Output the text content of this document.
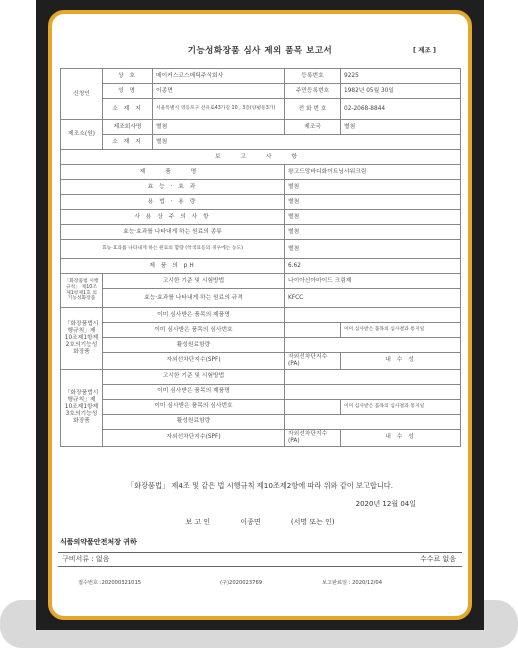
기능성화장품 심사 제외 품목 보고서	[ 제조 ]
신청인	상 호	메이커스코스메틱주식회사	등록번호	9225
	성 명	이종면	주민등록번호	1982년 05월 30일
	소 재 지	서울특별시 영등포구 선유로43가길 10 , 3층(양평동3가)	전 화 번 호	02-2068-8844
제조소(원)	제조회사명	별첨	제조국	별첨
	소 재 지	별첨		
보 고 사 항				
제 품 명			왕고드앙바디화이트닝샤워크림	
효 능 · 효 과			별첨	
용 법 · 용 량			별첨	
사 용 상 주 의 사 항			별첨	
효능·효과를 나타내게 하는 원료의 종류			별첨	
효능·효과를 나타내게 하는 원료의 함량 (착색료등의 경우에는 농도)			별첨	
제 품 의 pH			6.62	
「화장품법 시행규칙」 제10조제1항제1호 의 기능성화장품	고시한 기준 및 시험방법		나이아신아마이드 크림제	
	효능·효과를 나타내게 하는 원료의 규격		KFCC	
「화장품법시행규칙」제10조제1항제2호의기능성화장품	이미 심사받은 품목의 제품명			
	이미 심사받은 품목의 심사번호			이미 심사받은 품목의 심사결과 통지일
	활성원료함량			
	자외선차단지수(SPF)		자외선차단지수(PA)	내 수 성
「화장품법시행규칙」제10조제1항제3호의기능성화장품	고시한 기준 및 시험방법			
	이미 심사받은 품목의 제품명			
	이미 심사받은 품목의 심사번호			이미 심사받은 품목의 심사결과 통지일
	활성원료함량			
	자외선차단지수(SPF)		자외선차단지수(PA)	내 수 성
「화장품법」 제4조 및 같은 법 시행규칙 제10조제2항에 따라 위와 같이 보고합니다.
2020년 12월 04일
보 고 인	이종면	(서명 또는 인)
식품의약품안전처장 귀하
구비서류 : 없음	수수료 없음
접수번호 :202000321015	(구)2020023769	보고완료일 : 2020/12/04
